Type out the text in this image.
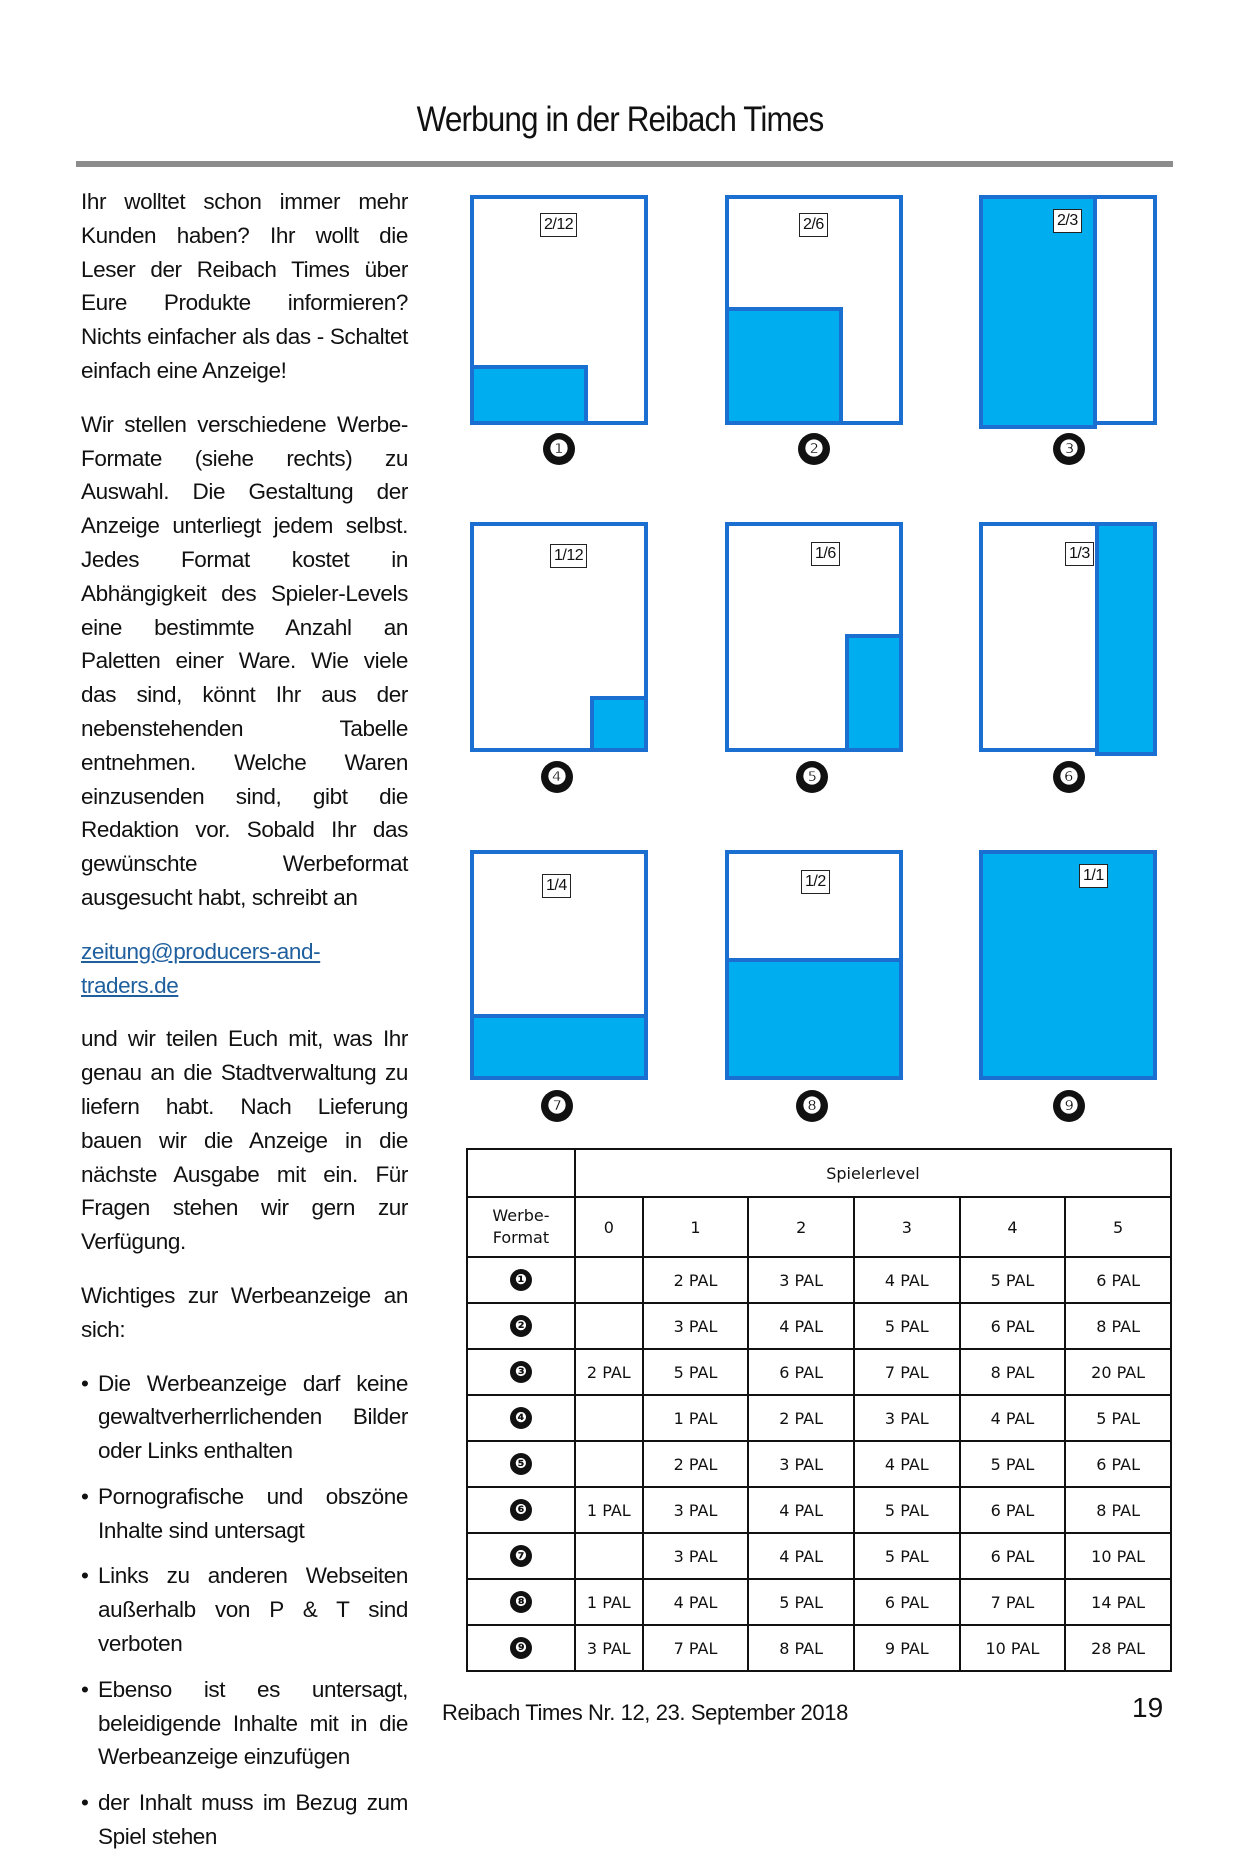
Werbung in der Reibach Times

Ihr wolltet schon immer mehr Kunden haben? Ihr wollt die Leser der Reibach Times über Eure Produkte informieren? Nichts einfacher als das - Schaltet einfach eine Anzeige!

Wir stellen verschiedene Werbe-Formate (siehe rechts) zu Auswahl. Die Gestaltung der Anzeige unterliegt jedem selbst. Jedes Format kostet in Abhängigkeit des Spieler-Levels eine bestimmte Anzahl an Paletten einer Ware. Wie viele das sind, könnt Ihr aus der nebenstehenden Tabelle entnehmen. Welche Waren einzusenden sind, gibt die Redaktion vor. Sobald Ihr das gewünschte Werbeformat ausgesucht habt, schreibt an

zeitung@producers-and-traders.de

und wir teilen Euch mit, was Ihr genau an die Stadtverwaltung zu liefern habt. Nach Lieferung bauen wir die Anzeige in die nächste Ausgabe mit ein. Für Fragen stehen wir gern zur Verfügung.

Wichtiges zur Werbeanzeige an sich:

• Die Werbeanzeige darf keine gewaltverherrlichenden Bilder oder Links enthalten
• Pornografische und obszöne Inhalte sind untersagt
• Links zu anderen Webseiten außerhalb von P & T sind verboten
• Ebenso ist es untersagt, beleidigende Inhalte mit in die Werbeanzeige einzufügen
• der Inhalt muss im Bezug zum Spiel stehen
2/12
❶
2/6
❷
2/3
❸
1/12
❹
1/6
❺
1/3
❻
1/4
❼
1/2
❽
1/1
❾
	Spielerlevel					
Werbe-Format	0	1	2	3	4	5
❶		2 PAL	3 PAL	4 PAL	5 PAL	6 PAL
❷		3 PAL	4 PAL	5 PAL	6 PAL	8 PAL
❸	2 PAL	5 PAL	6 PAL	7 PAL	8 PAL	20 PAL
❹		1 PAL	2 PAL	3 PAL	4 PAL	5 PAL
❺		2 PAL	3 PAL	4 PAL	5 PAL	6 PAL
❻	1 PAL	3 PAL	4 PAL	5 PAL	6 PAL	8 PAL
❼		3 PAL	4 PAL	5 PAL	6 PAL	10 PAL
❽	1 PAL	4 PAL	5 PAL	6 PAL	7 PAL	14 PAL
❾	3 PAL	7 PAL	8 PAL	9 PAL	10 PAL	28 PAL
Reibach Times Nr. 12, 23. September 2018	19
